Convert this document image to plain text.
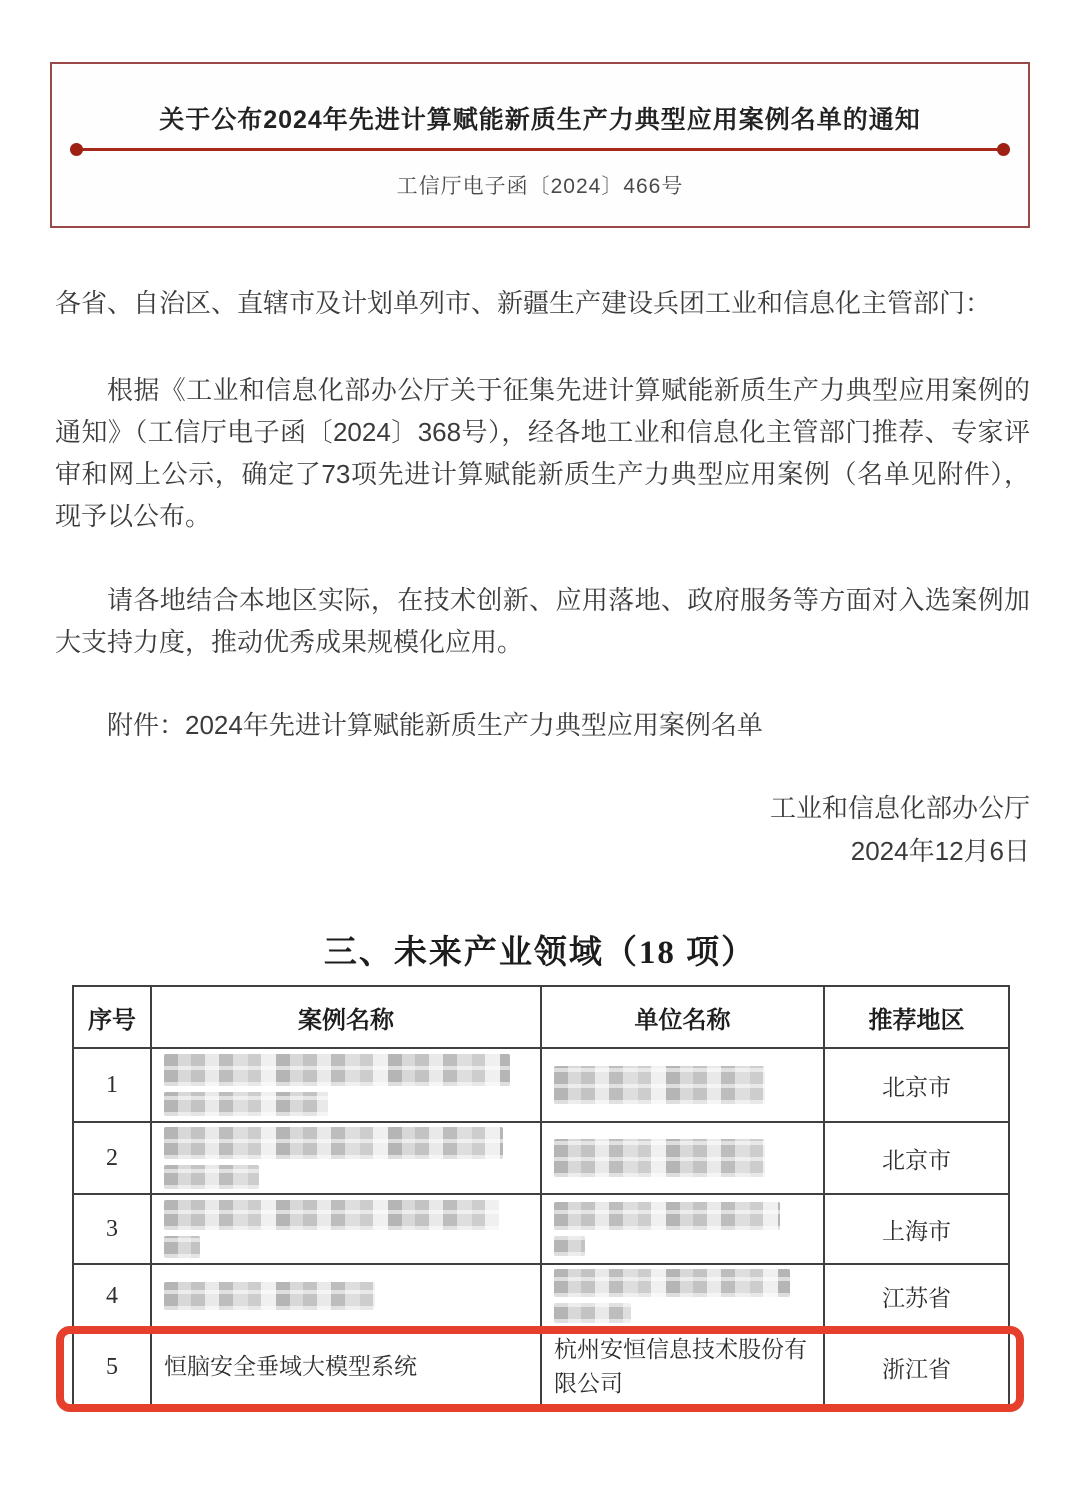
关于公布2024年先进计算赋能新质生产力典型应用案例名单的通知
工信厅电子函〔2024〕466号
各省、自治区、直辖市及计划单列市、新疆生产建设兵团工业和信息化主管部门：
根据《工业和信息化部办公厅关于征集先进计算赋能新质生产力典型应用案例的通知》（工信厅电子函〔2024〕368号），经各地工业和信息化主管部门推荐、专家评审和网上公示，确定了73项先进计算赋能新质生产力典型应用案例（名单见附件），现予以公布。
请各地结合本地区实际，在技术创新、应用落地、政府服务等方面对入选案例加大支持力度，推动优秀成果规模化应用。
附件：2024年先进计算赋能新质生产力典型应用案例名单
工业和信息化部办公厅
2024年12月6日
三、未来产业领域（18 项）
序号	案例名称	单位名称	推荐地区
1			北京市
2			北京市
3			上海市
4			江苏省
5	恒脑安全垂域大模型系统	杭州安恒信息技术股份有限公司	浙江省
